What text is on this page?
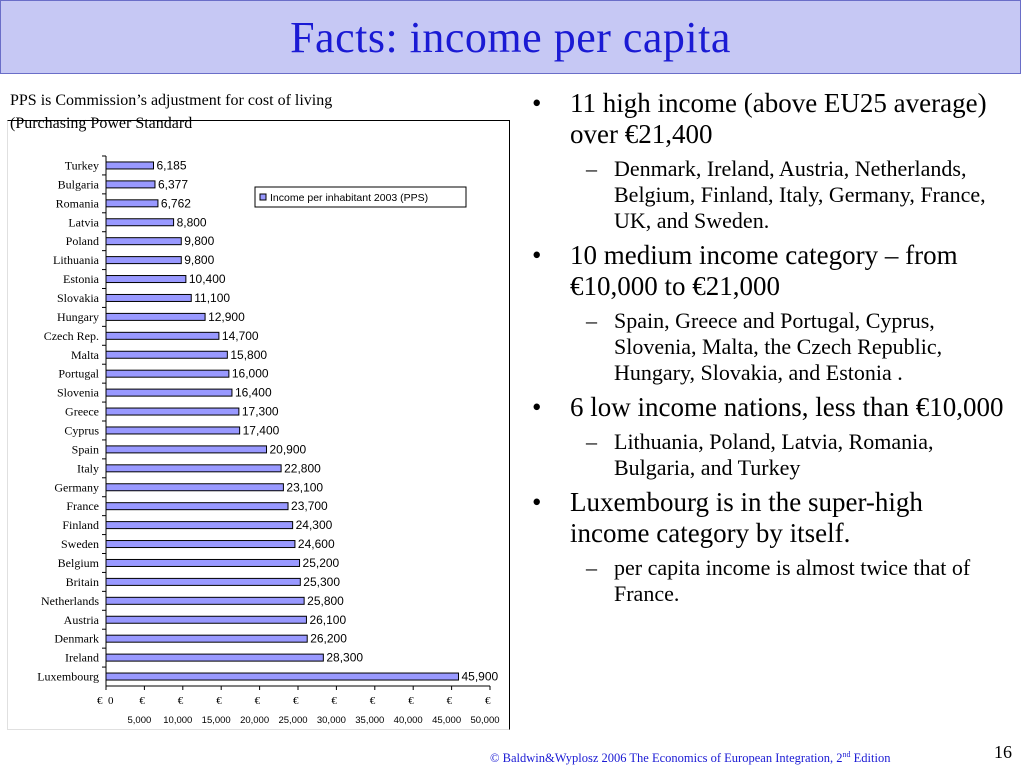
Facts: income per capita
PPS is Commission’s adjustment for cost of living
(Purchasing Power Standard
Turkey	6,185
Bulgaria	6,377
Romania	6,762
Latvia	8,800
Poland	9,800
Lithuania	9,800
Estonia	10,400
Slovakia	11,100
Hungary	12,900
Czech Rep.	14,700
Malta	15,800
Portugal	16,000
Slovenia	16,400
Greece	17,300
Cyprus	17,400
Spain	20,900
Italy	22,800
Germany	23,100
France	23,700
Finland	24,300
Sweden	24,600
Belgium	25,200
Britain	25,300
Netherlands	25,800
Austria	26,100
Denmark	26,200
Ireland	28,300
Luxembourg	45,900
€ 0 €
5,000
€
10,000
€
15,000
€
20,000
€
25,000
€
30,000
€
35,000
€
40,000
€
45,000
€
50,000
Income per inhabitant 2003 (PPS)
• 11 high income (above EU25 average) over €21,400
– Denmark, Ireland, Austria, Netherlands, Belgium, Finland, Italy, Germany, France, UK, and Sweden.
• 10 medium income category – from €10,000 to €21,000
– Spain, Greece and Portugal, Cyprus, Slovenia, Malta, the Czech Republic, Hungary, Slovakia, and Estonia .
• 6 low income nations, less than €10,000
– Lithuania, Poland, Latvia, Romania, Bulgaria, and Turkey
• Luxembourg is in the super-high income category by itself.
– per capita income is almost twice that of France.
© Baldwin&Wyplosz 2006 The Economics of European Integration, 2nd Edition	16
